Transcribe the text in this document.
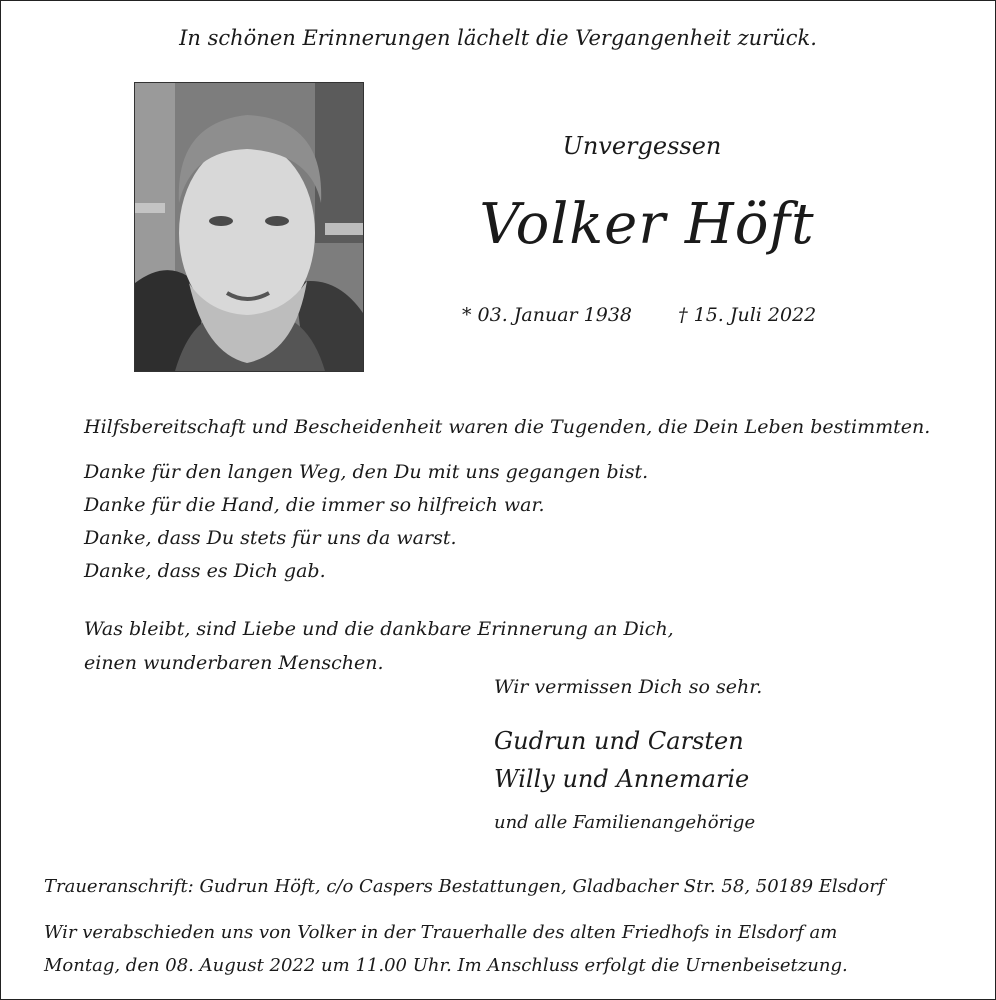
In schönen Erinnerungen lächelt die Vergangenheit zurück.
Unvergessen
Volker Höft
* 03. Januar 1938 † 15. Juli 2022
Hilfsbereitschaft und Bescheidenheit waren die Tugenden, die Dein Leben bestimmten.
Danke für den langen Weg, den Du mit uns gegangen bist.
Danke für die Hand, die immer so hilfreich war.
Danke, dass Du stets für uns da warst.
Danke, dass es Dich gab.
Was bleibt, sind Liebe und die dankbare Erinnerung an Dich,
einen wunderbaren Menschen.
Wir vermissen Dich so sehr.
Gudrun und Carsten
Willy und Annemarie
und alle Familienangehörige
Traueranschrift: Gudrun Höft, c/o Caspers Bestattungen, Gladbacher Str. 58, 50189 Elsdorf
Wir verabschieden uns von Volker in der Trauerhalle des alten Friedhofs in Elsdorf am
Montag, den 08. August 2022 um 11.00 Uhr. Im Anschluss erfolgt die Urnenbeisetzung.
